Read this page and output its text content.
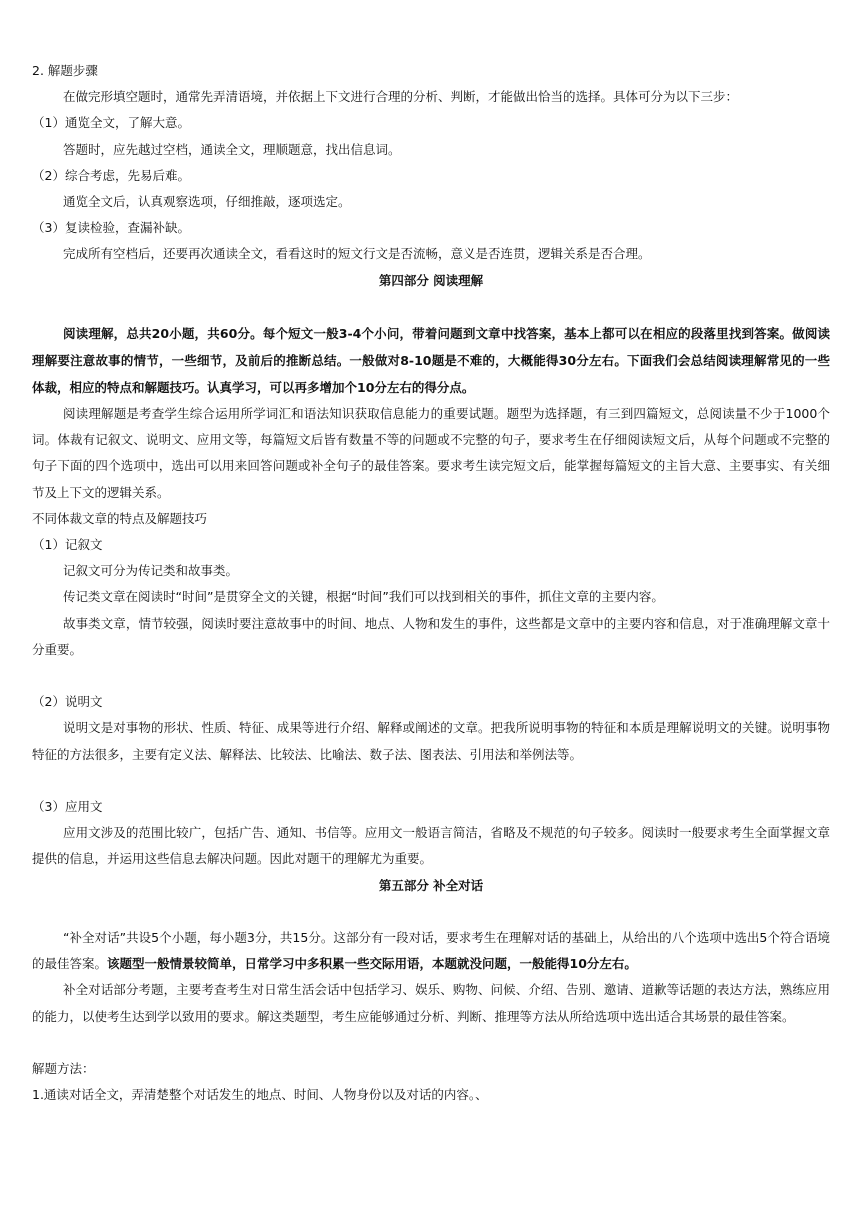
2. 解题步骤

在做完形填空题时，通常先弄清语境，并依据上下文进行合理的分析、判断，才能做出恰当的选择。具体可分为以下三步：

（1）通览全文，了解大意。

答题时，应先越过空档，通读全文，理顺题意，找出信息词。

（2）综合考虑，先易后难。

通览全文后，认真观察选项，仔细推敲，逐项选定。

（3）复读检验，查漏补缺。

完成所有空档后，还要再次通读全文，看看这时的短文行文是否流畅，意义是否连贯，逻辑关系是否合理。

第四部分 阅读理解

阅读理解，总共20小题，共60分。每个短文一般3-4个小问，带着问题到文章中找答案，基本上都可以在相应的段落里找到答案。做阅读理解要注意故事的情节，一些细节，及前后的推断总结。一般做对8-10题是不难的，大概能得30分左右。下面我们会总结阅读理解常见的一些体裁，相应的特点和解题技巧。认真学习，可以再多增加个10分左右的得分点。

阅读理解题是考查学生综合运用所学词汇和语法知识获取信息能力的重要试题。题型为选择题，有三到四篇短文，总阅读量不少于1000个词。体裁有记叙文、说明文、应用文等，每篇短文后皆有数量不等的问题或不完整的句子，要求考生在仔细阅读短文后，从每个问题或不完整的句子下面的四个选项中，选出可以用来回答问题或补全句子的最佳答案。要求考生读完短文后，能掌握每篇短文的主旨大意、主要事实、有关细节及上下文的逻辑关系。

不同体裁文章的特点及解题技巧

（1）记叙文

记叙文可分为传记类和故事类。

传记类文章在阅读时“时间”是贯穿全文的关键，根据“时间”我们可以找到相关的事件，抓住文章的主要内容。

故事类文章，情节较强，阅读时要注意故事中的时间、地点、人物和发生的事件，这些都是文章中的主要内容和信息，对于准确理解文章十分重要。

（2）说明文

说明文是对事物的形状、性质、特征、成果等进行介绍、解释或阐述的文章。把我所说明事物的特征和本质是理解说明文的关键。说明事物特征的方法很多，主要有定义法、解释法、比较法、比喻法、数子法、图表法、引用法和举例法等。

（3）应用文

应用文涉及的范围比较广，包括广告、通知、书信等。应用文一般语言简洁，省略及不规范的句子较多。阅读时一般要求考生全面掌握文章提供的信息，并运用这些信息去解决问题。因此对题干的理解尤为重要。

第五部分 补全对话

“补全对话”共设5个小题，每小题3分，共15分。这部分有一段对话，要求考生在理解对话的基础上，从给出的八个选项中选出5个符合语境的最佳答案。该题型一般情景较简单，日常学习中多积累一些交际用语，本题就没问题，一般能得10分左右。

补全对话部分考题，主要考查考生对日常生活会话中包括学习、娱乐、购物、问候、介绍、告别、邀请、道歉等话题的表达方法，熟练应用的能力，以使考生达到学以致用的要求。解这类题型，考生应能够通过分析、判断、推理等方法从所给选项中选出适合其场景的最佳答案。

解题方法：

1.通读对话全文，弄清楚整个对话发生的地点、时间、人物身份以及对话的内容。、
